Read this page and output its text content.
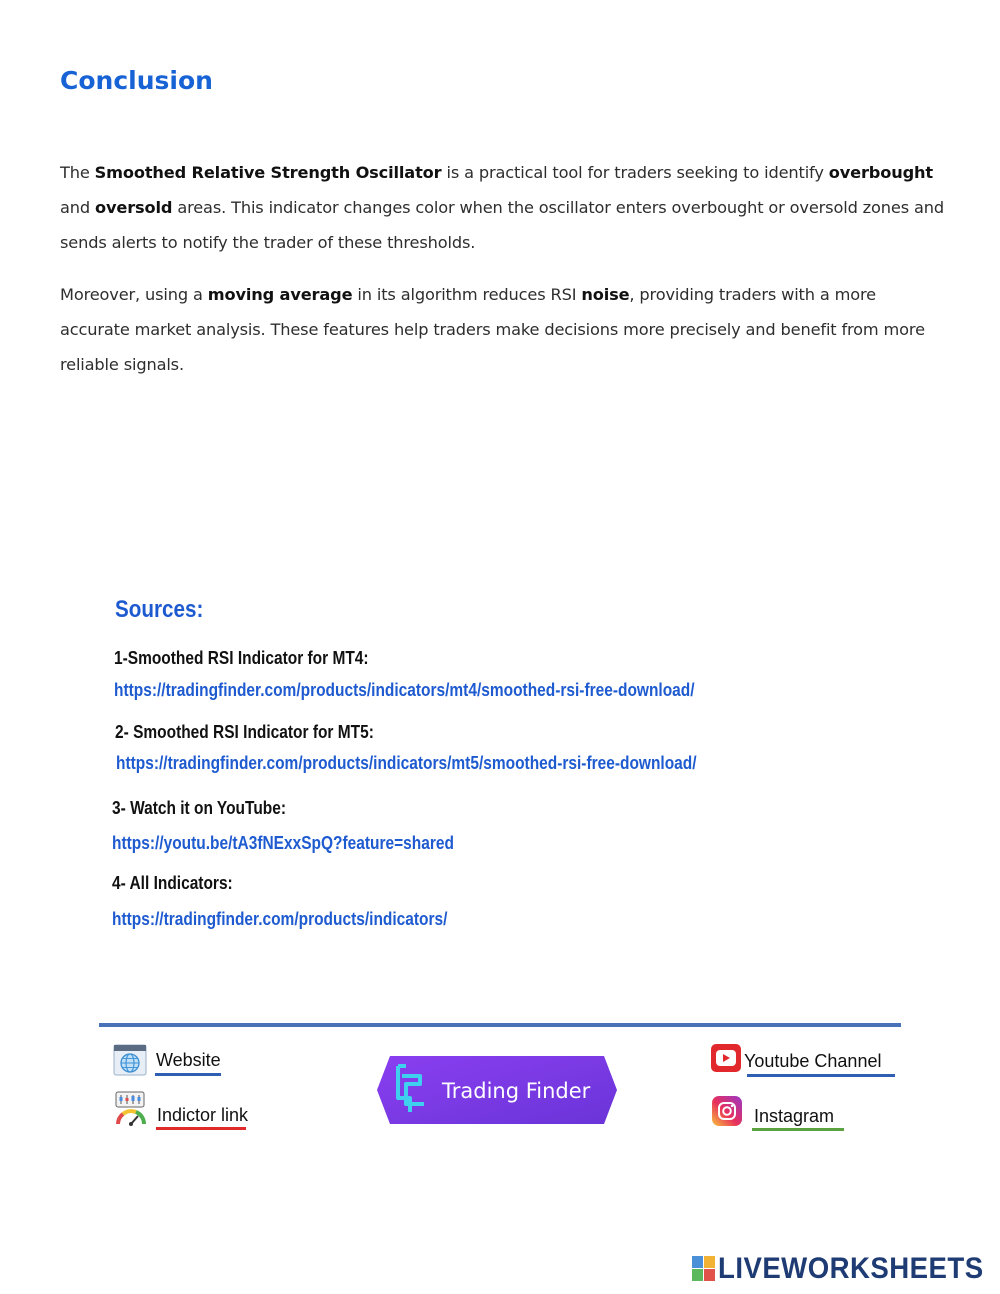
Conclusion
The Smoothed Relative Strength Oscillator is a practical tool for traders seeking to identify overbought and oversold areas. This indicator changes color when the oscillator enters overbought or oversold zones and sends alerts to notify the trader of these thresholds.
Moreover, using a moving average in its algorithm reduces RSI noise, providing traders with a more accurate market analysis. These features help traders make decisions more precisely and benefit from more reliable signals.
Sources:
1-Smoothed RSI Indicator for MT4:
https://tradingfinder.com/products/indicators/mt4/smoothed-rsi-free-download/
2- Smoothed RSI Indicator for MT5:
https://tradingfinder.com/products/indicators/mt5/smoothed-rsi-free-download/
3- Watch it on YouTube:
https://youtu.be/tA3fNExxSpQ?feature=shared
4- All Indicators:
https://tradingfinder.com/products/indicators/
Website
Indictor link
Trading Finder
Youtube Channel
Instagram
LIVEWORKSHEETS
